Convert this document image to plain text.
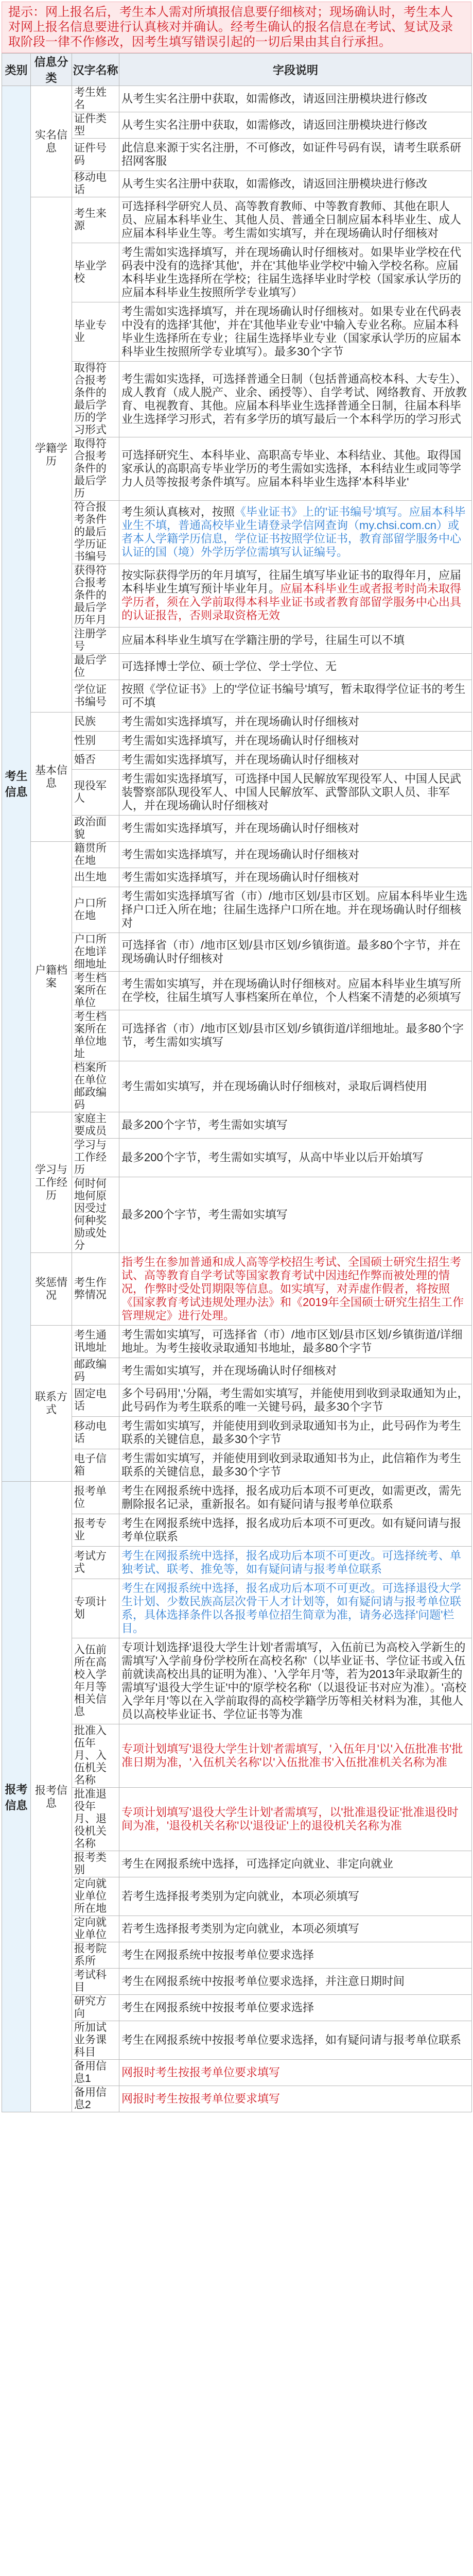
提示：网上报名后，考生本人需对所填报信息要仔细核对；现场确认时，考生本人对网上报名信息要进行认真核对并确认。经考生确认的报名信息在考试、复试及录取阶段一律不作修改，因考生填写错误引起的一切后果由其自行承担。
类别	信息分类	汉字名称	字段说明
考生信息	实名信息	考生姓名	从考生实名注册中获取，如需修改，请返回注册模块进行修改
		证件类型	从考生实名注册中获取，如需修改，请返回注册模块进行修改
		证件号码	此信息来源于实名注册，不可修改，如证件号码有误，请考生联系研招网客服
		移动电话	从考生实名注册中获取，如需修改，请返回注册模块进行修改
	学籍学历	考生来源	可选择科学研究人员、高等教育教师、中等教育教师、其他在职人员、应届本科毕业生、其他人员、普通全日制应届本科毕业生、成人应届本科毕业生等。考生需如实填写，并在现场确认时仔细核对
		毕业学校	考生需如实选择填写，并在现场确认时仔细核对。如果毕业学校在代码表中没有的选择'其他'，并在'其他毕业学校'中输入学校名称。应届本科毕业生选择所在学校；往届生选择毕业时学校（国家承认学历的应届本科毕业生按照所学专业填写）
		毕业专业	考生需如实选择填写，并在现场确认时仔细核对。如果专业在代码表中没有的选择'其他'，并在'其他毕业专业'中输入专业名称。应届本科毕业生选择所在专业；往届生选择毕业专业（国家承认学历的应届本科毕业生按照所学专业填写）。最多30个字节
		取得符合报考条件的最后学历的学习形式	考生需如实选择，可选择普通全日制（包括普通高校本科、大专生）、成人教育（成人脱产、业余、函授等）、自学考试、网络教育、开放教育、电视教育、其他。应届本科毕业生选择普通全日制，往届本科毕业生选择学习形式，若有多学历的填写最后一个本科学历的学习形式
		取得符合报考条件的最后学历	可选择研究生、本科毕业、高职高专毕业、本科结业、其他。取得国家承认的高职高专毕业学历的考生需如实选择，本科结业生或同等学力人员等按报考条件填写。应届本科毕业生选择'本科毕业'
		符合报考条件的最后学历证书编号	考生须认真核对，按照《毕业证书》上的'证书编号'填写。应届本科毕业生不填，普通高校毕业生请登录学信网查询（my.chsi.com.cn）或者本人学籍学历信息，学位证书按照学位证书，教育部留学服务中心认证的国（境）外学历学位需填写认证编号。
		获得符合报考条件的最后学历年月	按实际获得学历的年月填写，往届生填写毕业证书的取得年月，应届本科毕业生填写预计毕业年月。应届本科毕业生或者报考时尚未取得学历者，须在入学前取得本科毕业证书或者教育部留学服务中心出具的认证报告，否则录取资格无效
		注册学号	应届本科毕业生填写在学籍注册的学号，往届生可以不填
		最后学位	可选择博士学位、硕士学位、学士学位、无
		学位证书编号	按照《学位证书》上的'学位证书编号'填写，暂未取得学位证书的考生可不填
	基本信息	民族	考生需如实选择填写，并在现场确认时仔细核对
		性别	考生需如实选择填写，并在现场确认时仔细核对
		婚否	考生需如实选择填写，并在现场确认时仔细核对
		现役军人	考生需如实选择填写，可选择中国人民解放军现役军人、中国人民武装警察部队现役军人、中国人民解放军、武警部队文职人员、非军人，并在现场确认时仔细核对
		政治面貌	考生需如实选择填写，并在现场确认时仔细核对
	户籍档案	籍贯所在地	考生需如实选择填写，并在现场确认时仔细核对
		出生地	考生需如实选择填写，并在现场确认时仔细核对
		户口所在地	考生需如实选择填写省（市）/地市区划/县市区划。应届本科毕业生选择户口迁入所在地；往届生选择户口所在地。并在现场确认时仔细核对
		户口所在地详细地址	可选择省（市）/地市区划/县市区划/乡镇街道。最多80个字节，并在现场确认时仔细核对
		考生档案所在单位	考生需如实填写，并在现场确认时仔细核对。应届本科毕业生填写所在学校，往届生填写人事档案所在单位，个人档案不清楚的必须填写
		考生档案所在单位地址	可选择省（市）/地市区划/县市区划/乡镇街道/详细地址。最多80个字节，考生需如实填写
		档案所在单位邮政编码	考生需如实填写，并在现场确认时仔细核对，录取后调档使用
	学习与工作经历	家庭主要成员	最多200个字节，考生需如实填写
		学习与工作经历	最多200个字节，考生需如实填写，从高中毕业以后开始填写
		何时何地何原因受过何种奖励或处分	最多200个字节，考生需如实填写
	奖惩情况	考生作弊情况	指考生在参加普通和成人高等学校招生考试、全国硕士研究生招生考试、高等教育自学考试等国家教育考试中因违纪作弊而被处理的情况，作弊时受处罚期限等信息。如实填写，对弄虚作假者，将按照《国家教育考试违规处理办法》和《2019年全国硕士研究生招生工作管理规定》进行处理。
	联系方式	考生通讯地址	考生需如实填写，可选择省（市）/地市区划/县市区划/乡镇街道/详细地址。为考生接收录取通知书地址，最多80个字节
		邮政编码	考生需如实填写，并在现场确认时仔细核对
		固定电话	多个号码用','分隔，考生需如实填写，并能使用到收到录取通知为止，此号码作为考生联系的唯一关键号码，最多30个字节
		移动电话	考生需如实填写，并能使用到收到录取通知书为止，此号码作为考生联系的关键信息，最多30个字节
		电子信箱	考生需如实填写，并能使用到收到录取通知书为止，此信箱作为考生联系的关键信息，最多30个字节
报考信息	报考信息	报考单位	考生在网报系统中选择，报名成功后本项不可更改，如需更改，需先删除报名记录，重新报名。如有疑问请与报考单位联系
		报考专业	考生在网报系统中选择，报名成功后本项不可更改。如有疑问请与报考单位联系
		考试方式	考生在网报系统中选择，报名成功后本项不可更改。可选择统考、单独考试、联考、推免等，如有疑问请与报考单位联系
		专项计划	考生在网报系统中选择，报名成功后本项不可更改。可选择退役大学生计划、少数民族高层次骨干人才计划等，如有疑问请与报考单位联系，具体选择条件以各报考单位招生简章为准，请务必选择'问题'栏目。
		入伍前所在高校入学年月等相关信息	专项计划选择'退役大学生计划'者需填写，入伍前已为高校入学新生的需填写'入学前身份学校所在高校名称'（以毕业证书、学位证书或入伍前就读高校出具的证明为准）、'入学年月'等，若为2013年录取新生的需填写'退役大学生证'中的'原学校名称'（以退役证书对应为准）。'高校入学年月'等以在入学前取得的高校学籍学历等相关材料为准，其他人员以高校毕业证书、学位证书等为准
		批准入伍年月、入伍机关名称	专项计划填写'退役大学生计划'者需填写，'入伍年月'以'入伍批准书'批准日期为准，'入伍机关名称'以'入伍批准书'入伍批准机关名称为准
		批准退役年月、退役机关名称	专项计划填写'退役大学生计划'者需填写，以'批准退役证'批准退役时间为准，'退役机关名称'以'退役证'上的退役机关名称为准
		报考类别	考生在网报系统中选择，可选择定向就业、非定向就业
		定向就业单位所在地	若考生选择报考类别为定向就业，本项必须填写
		定向就业单位	若考生选择报考类别为定向就业，本项必须填写
		报考院系所	考生在网报系统中按报考单位要求选择
		考试科目	考生在网报系统中按报考单位要求选择，并注意日期时间
		研究方向	考生在网报系统中按报考单位要求选择
		所加试业务课科目	考生在网报系统中按报考单位要求选择，如有疑问请与报考单位联系
		备用信息1	网报时考生按报考单位要求填写
		备用信息2	网报时考生按报考单位要求填写
